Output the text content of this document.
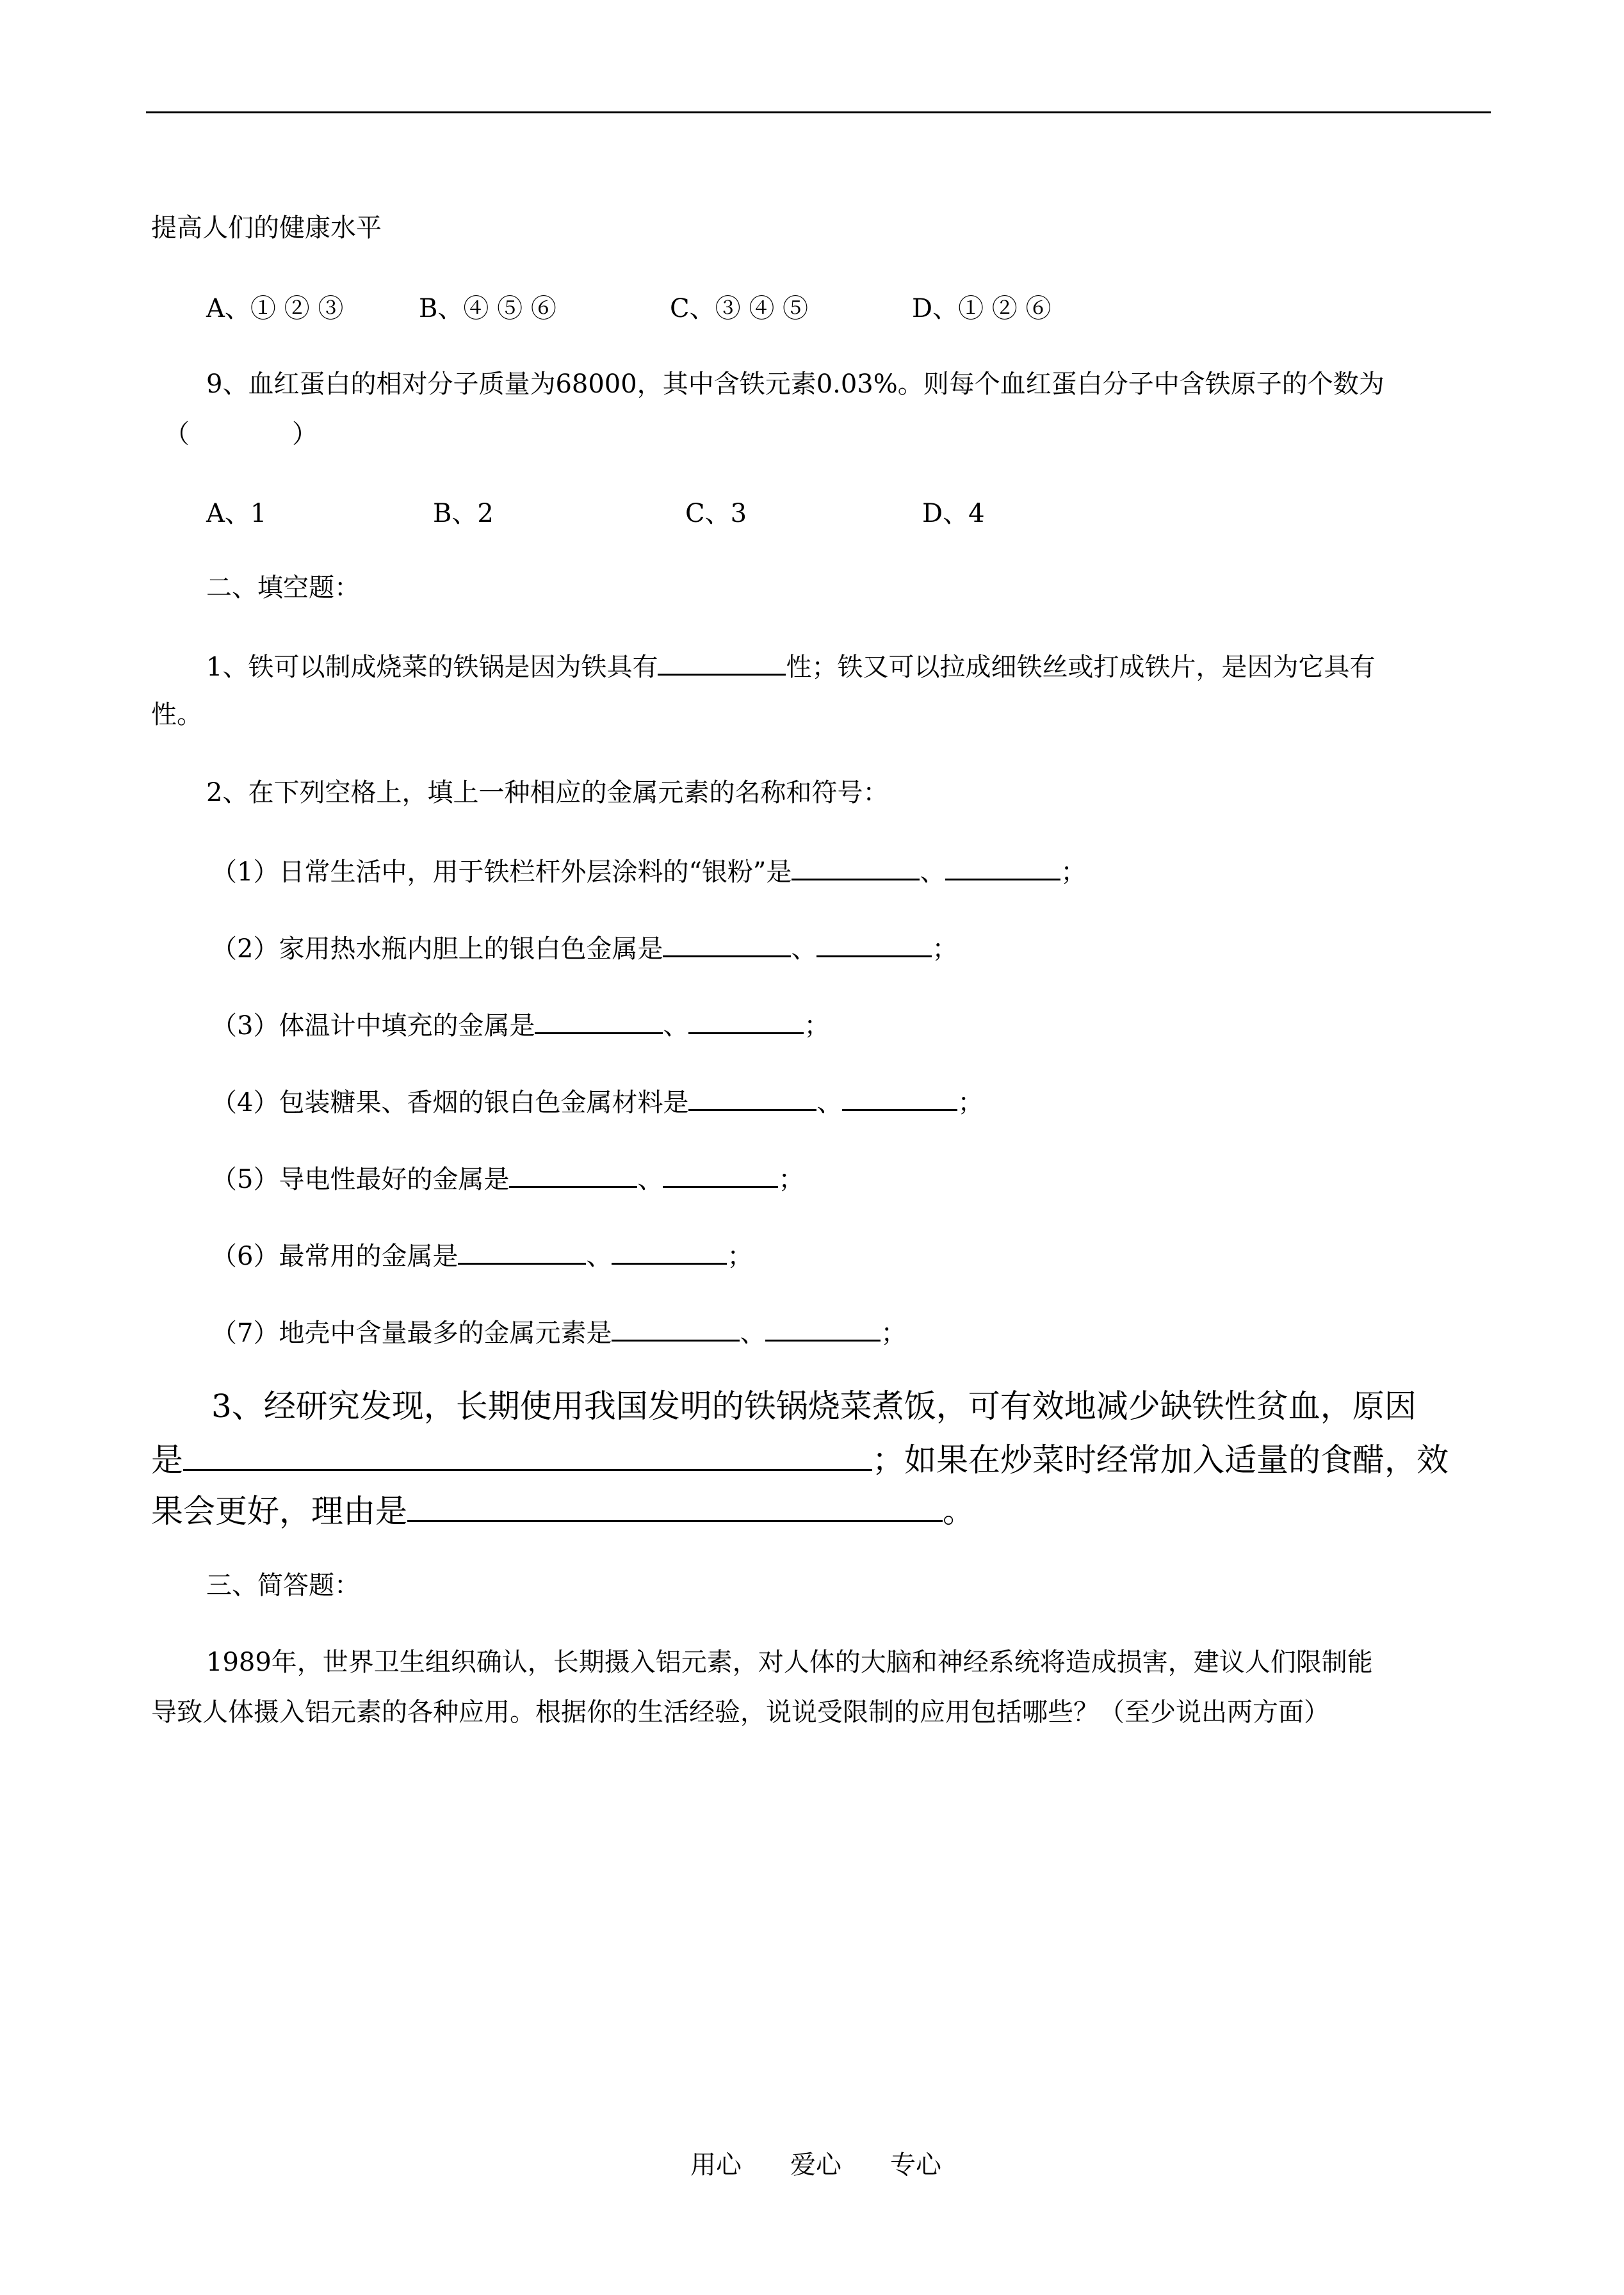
提高人们的健康水平
A、① ② ③	B、④ ⑤ ⑥	C、③ ④ ⑤	D、① ② ⑥
9、血红蛋白的相对分子质量为68000，其中含铁元素0.03%。则每个血红蛋白分子中含铁原子的个数为
（　　　　）
A、1	B、2	C、3	D、4
二、填空题：
1、铁可以制成烧菜的铁锅是因为铁具有	性；铁又可以拉成细铁丝或打成铁片，是因为它具有
性。
2、在下列空格上，填上一种相应的金属元素的名称和符号：
（1）日常生活中，用于铁栏杆外层涂料的“银粉”是	、	；
（2）家用热水瓶内胆上的银白色金属是	、	；
（3）体温计中填充的金属是	、	；
（4）包装糖果、香烟的银白色金属材料是	、	；
（5）导电性最好的金属是	、	；
（6）最常用的金属是	、	；
（7）地壳中含量最多的金属元素是	、	；
3、经研究发现，长期使用我国发明的铁锅烧菜煮饭，可有效地减少缺铁性贫血，原因
是	；如果在炒菜时经常加入适量的食醋，效
果会更好，理由是	。
三、简答题：
1989年，世界卫生组织确认，长期摄入铝元素，对人体的大脑和神经系统将造成损害，建议人们限制能
导致人体摄入铝元素的各种应用。根据你的生活经验，说说受限制的应用包括哪些？（至少说出两方面）
用心 爱心 专心
